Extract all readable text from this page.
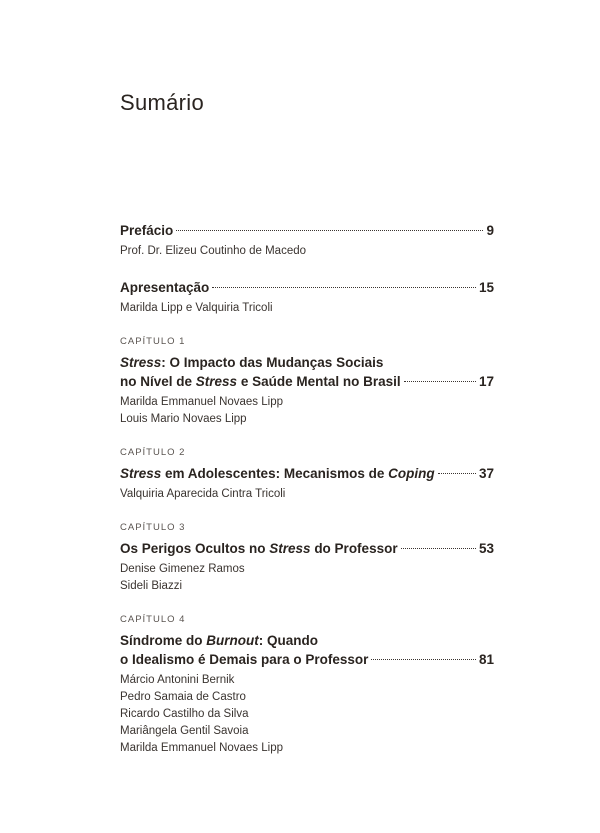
Sumário
Prefácio	9
Prof. Dr. Elizeu Coutinho de Macedo
Apresentação	15
Marilda Lipp e Valquiria Tricoli
CAPÍTULO 1
Stress: O Impacto das Mudanças Sociais
no Nível de Stress e Saúde Mental no Brasil	17
Marilda Emmanuel Novaes Lipp
Louis Mario Novaes Lipp
CAPÍTULO 2
Stress em Adolescentes: Mecanismos de Coping	37
Valquiria Aparecida Cintra Tricoli
CAPÍTULO 3
Os Perigos Ocultos no Stress do Professor	53
Denise Gimenez Ramos
Sideli Biazzi
CAPÍTULO 4
Síndrome do Burnout: Quando
o Idealismo é Demais para o Professor	81
Márcio Antonini Bernik
Pedro Samaia de Castro
Ricardo Castilho da Silva
Mariângela Gentil Savoia
Marilda Emmanuel Novaes Lipp
